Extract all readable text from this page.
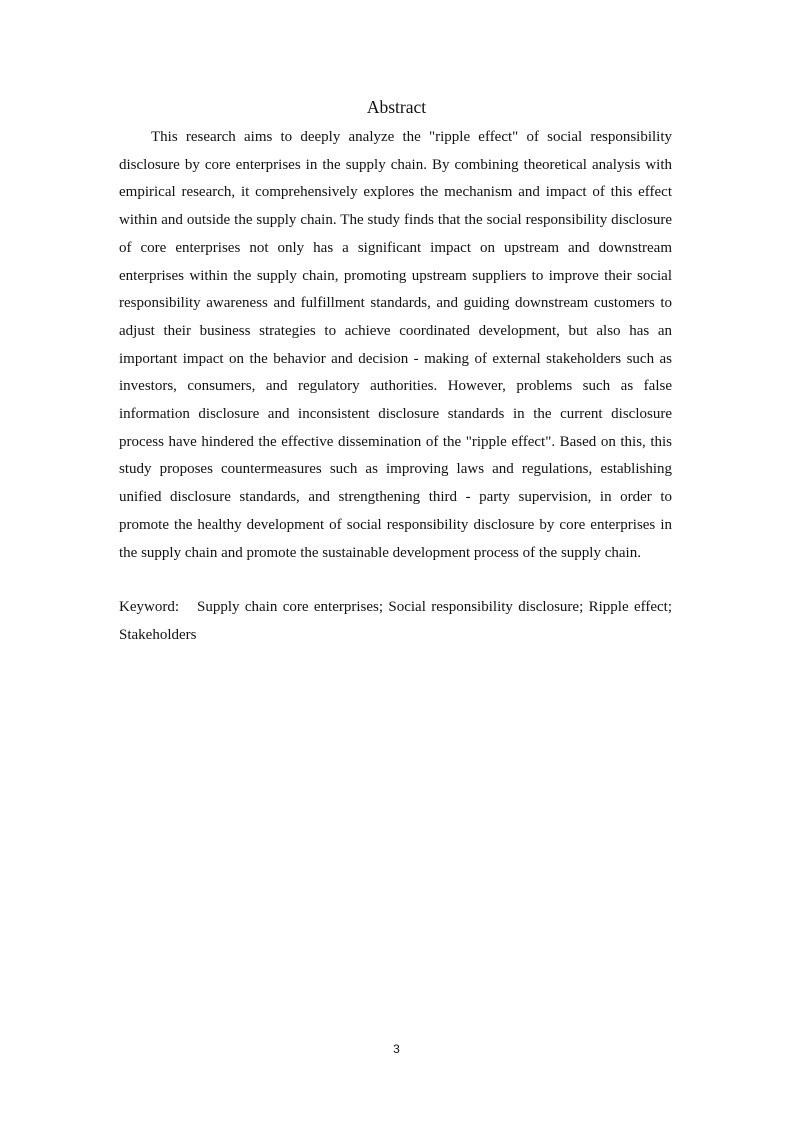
Abstract

This research aims to deeply analyze the "ripple effect" of social responsibility disclosure by core enterprises in the supply chain. By combining theoretical analysis with empirical research, it comprehensively explores the mechanism and impact of this effect within and outside the supply chain. The study finds that the social responsibility disclosure of core enterprises not only has a significant impact on upstream and downstream enterprises within the supply chain, promoting upstream suppliers to improve their social responsibility awareness and fulfillment standards, and guiding downstream customers to adjust their business strategies to achieve coordinated development, but also has an important impact on the behavior and decision - making of external stakeholders such as investors, consumers, and regulatory authorities. However, problems such as false information disclosure and inconsistent disclosure standards in the current disclosure process have hindered the effective dissemination of the "ripple effect". Based on this, this study proposes countermeasures such as improving laws and regulations, establishing unified disclosure standards, and strengthening third - party supervision, in order to promote the healthy development of social responsibility disclosure by core enterprises in the supply chain and promote the sustainable development process of the supply chain.

Keyword: Supply chain core enterprises; Social responsibility disclosure; Ripple effect; Stakeholders

3
